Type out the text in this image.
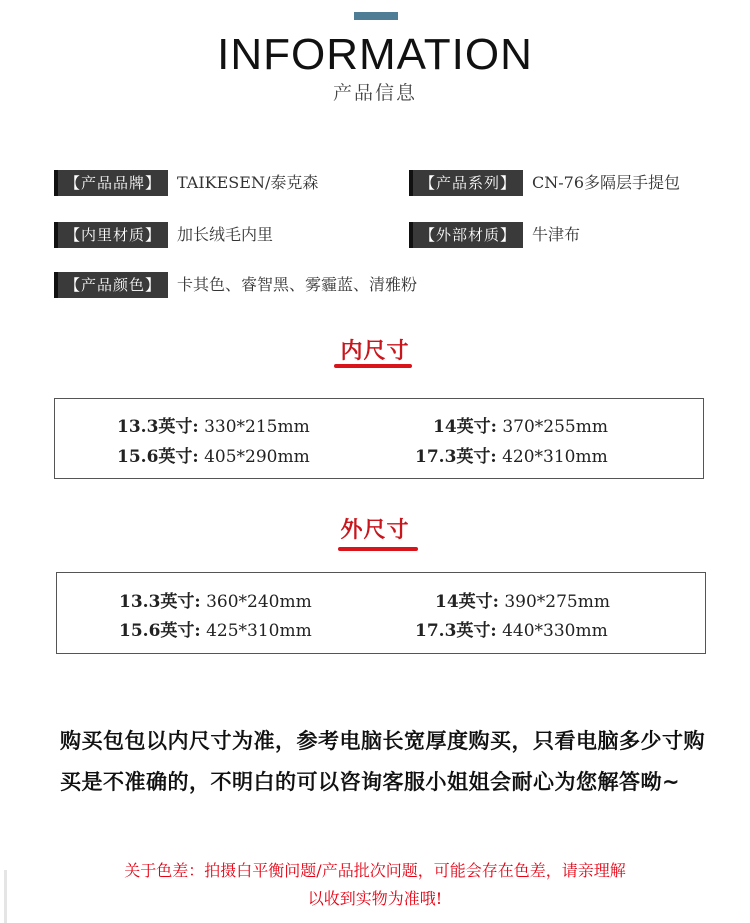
INFORMATION
产品信息
【产品品牌】 TAIKESEN/泰克森	【产品系列】 CN-76多隔层手提包
【内里材质】 加长绒毛内里	【外部材质】 牛津布
【产品颜色】 卡其色、睿智黑、雾霾蓝、清雅粉
内尺寸
13.3英寸: 330*215mm	14英寸: 370*255mm
15.6英寸: 405*290mm	17.3英寸: 420*310mm
外尺寸
13.3英寸: 360*240mm	14英寸: 390*275mm
15.6英寸: 425*310mm	17.3英寸: 440*330mm
购买包包以内尺寸为准，参考电脑长宽厚度购买，只看电脑多少寸购买是不准确的，不明白的可以咨询客服小姐姐会耐心为您解答呦~
关于色差：拍摄白平衡问题/产品批次问题，可能会存在色差，请亲理解
以收到实物为准哦!
